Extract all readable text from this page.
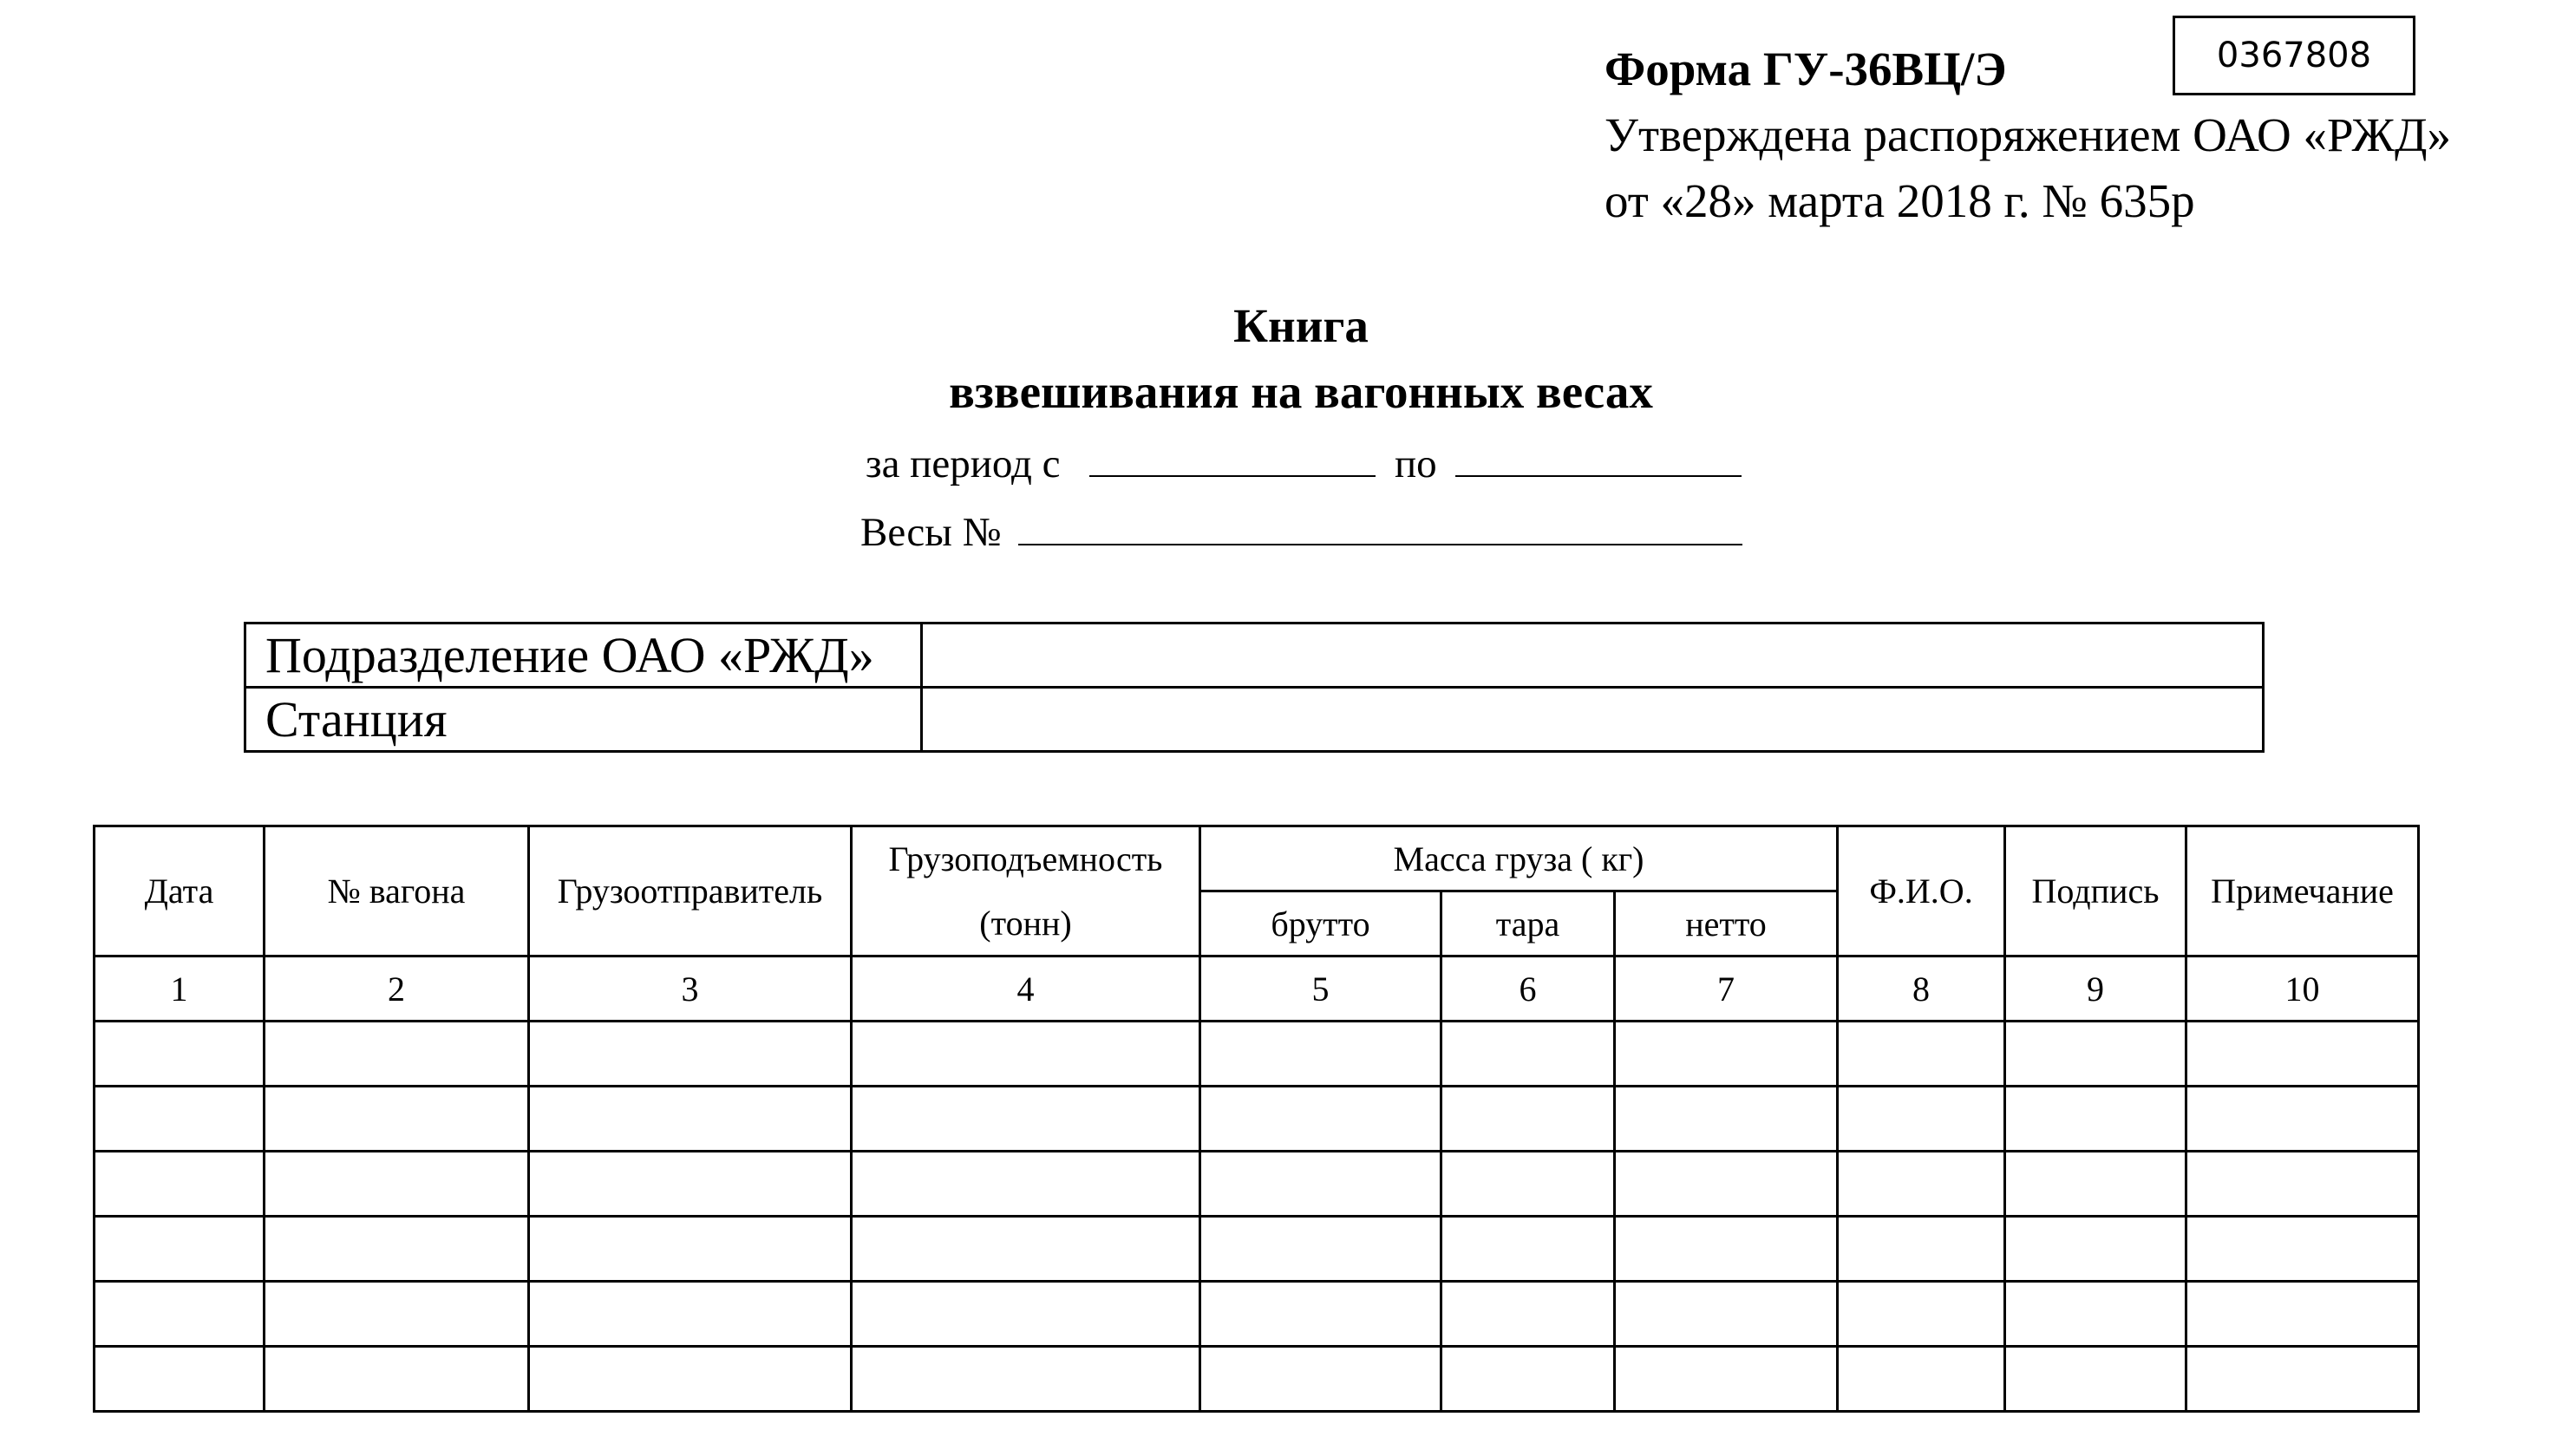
0367808
Форма ГУ-36ВЦ/Э
Утверждена распоряжением ОАО «РЖД»
от «28» марта 2018 г. № 635р
Книга
взвешивания на вагонных весах
за период с	по
Весы №
Подразделение ОАО «РЖД»	
Станция	
Дата	№ вагона	Грузоотправитель	Грузоподъемность	Масса груза ( кг)			Ф.И.О.	Подпись	Примечание
			(тонн)	брутто	тара	нетто			
1	2	3	4	5	6	7	8	9	10
